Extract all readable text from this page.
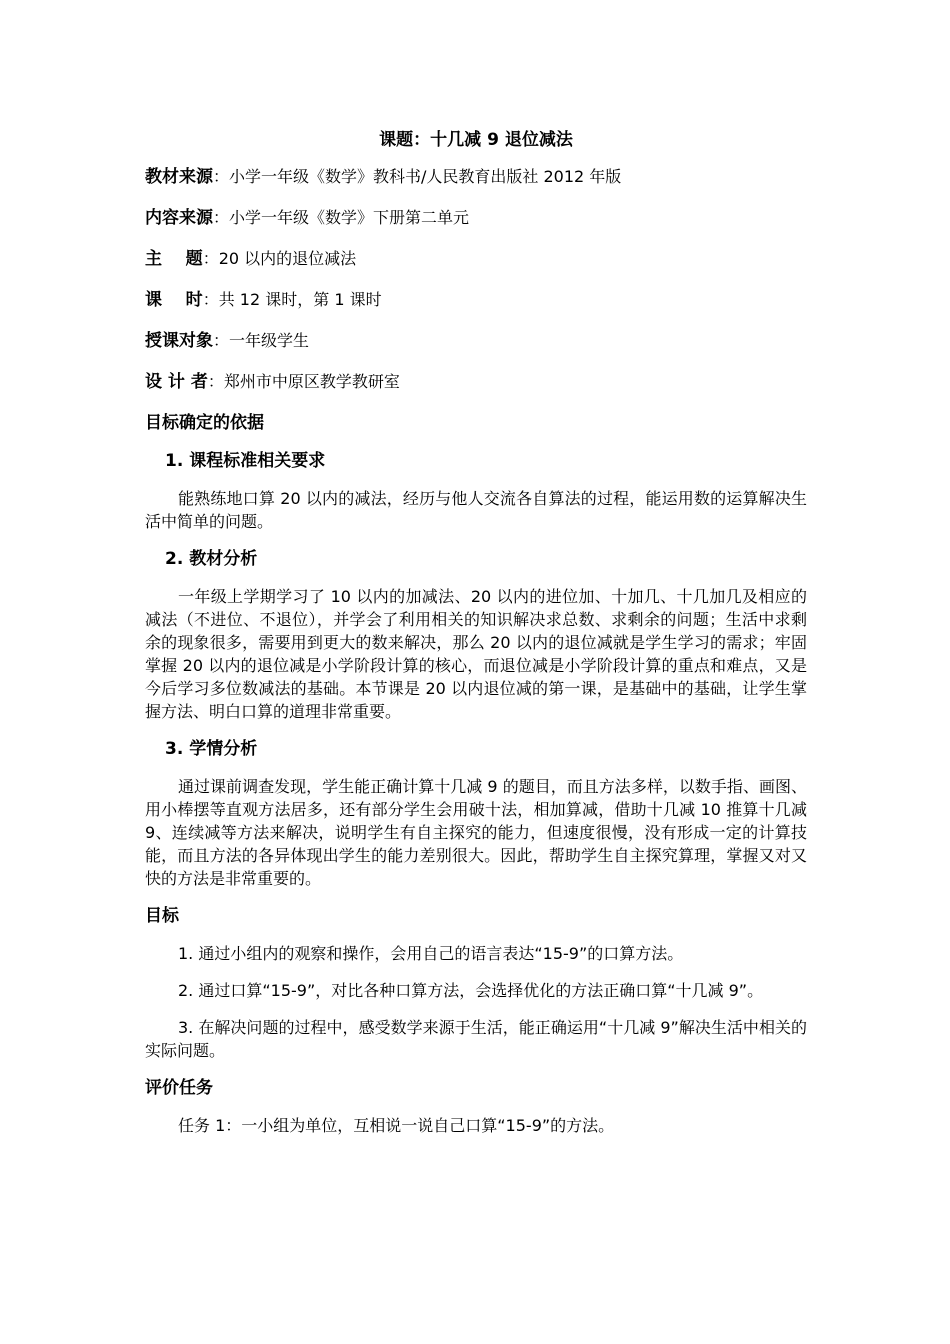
课题：十几减 9 退位减法
教材来源：小学一年级《数学》教科书/人民教育出版社 2012 年版
内容来源：小学一年级《数学》下册第二单元
主    题：20 以内的退位减法
课    时：共 12 课时，第 1 课时
授课对象：一年级学生
设 计 者：郑州市中原区教学教研室
目标确定的依据
1. 课程标准相关要求
能熟练地口算 20 以内的减法，经历与他人交流各自算法的过程，能运用数的运算解决生活中简单的问题。
2. 教材分析
一年级上学期学习了 10 以内的加减法、20 以内的进位加、十加几、十几加几及相应的减法（不进位、不退位），并学会了利用相关的知识解决求总数、求剩余的问题；生活中求剩余的现象很多，需要用到更大的数来解决，那么 20 以内的退位减就是学生学习的需求；牢固掌握 20 以内的退位减是小学阶段计算的核心，而退位减是小学阶段计算的重点和难点，又是今后学习多位数减法的基础。本节课是 20 以内退位减的第一课，是基础中的基础，让学生掌握方法、明白口算的道理非常重要。
3. 学情分析
通过课前调查发现，学生能正确计算十几减 9 的题目，而且方法多样，以数手指、画图、用小棒摆等直观方法居多，还有部分学生会用破十法，相加算减，借助十几减 10 推算十几减 9、连续减等方法来解决，说明学生有自主探究的能力，但速度很慢，没有形成一定的计算技能，而且方法的各异体现出学生的能力差别很大。因此，帮助学生自主探究算理，掌握又对又快的方法是非常重要的。
目标
1. 通过小组内的观察和操作，会用自己的语言表达“15-9”的口算方法。
2. 通过口算“15-9”，对比各种口算方法，会选择优化的方法正确口算“十几减 9”。
3. 在解决问题的过程中，感受数学来源于生活，能正确运用“十几减 9”解决生活中相关的实际问题。
评价任务
任务 1：一小组为单位，互相说一说自己口算“15-9”的方法。
